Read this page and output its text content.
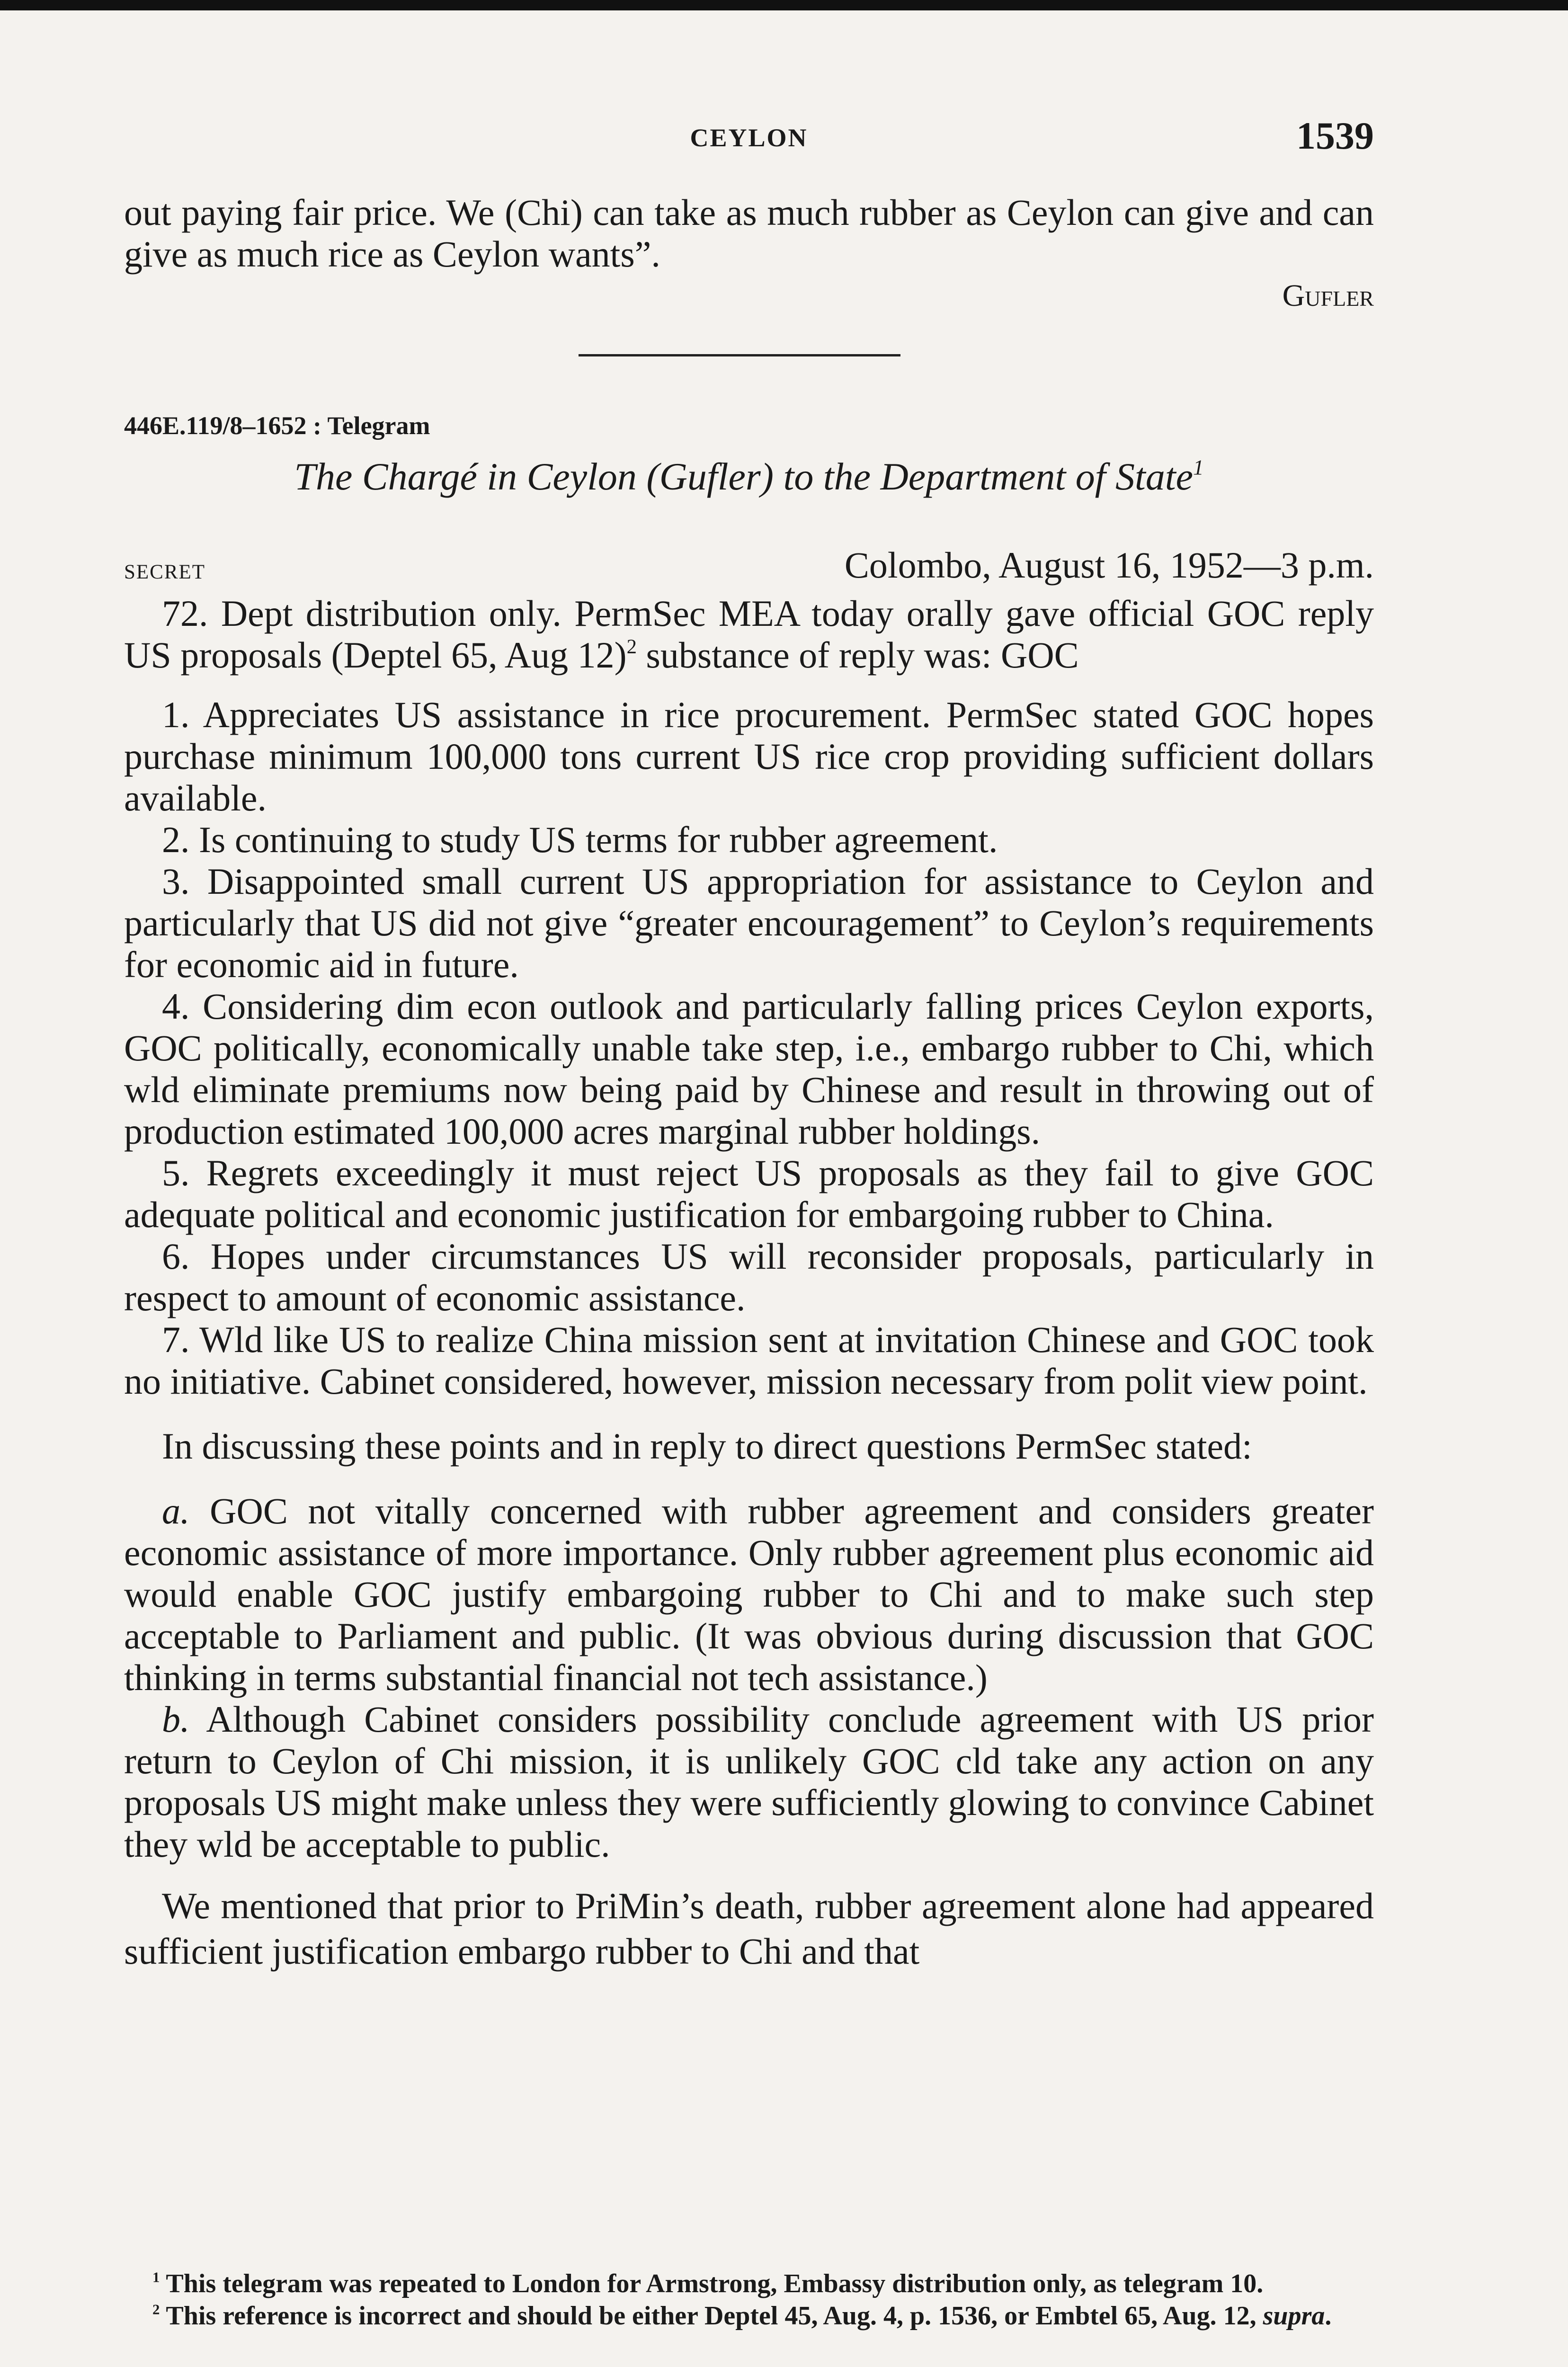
CEYLON	1539

out paying fair price. We (Chi) can take as much rubber as Ceylon can give and can give as much rice as Ceylon wants”.

Gufler
446E.119/8–1652 : Telegram
The Chargé in Ceylon (Gufler) to the Department of State$^1$
secret	Colombo, August 16, 1952—3 p.m.

72. Dept distribution only. PermSec MEA today orally gave official GOC reply US proposals (Deptel 65, Aug 12)$^2$ substance of reply was: GOC

1. Appreciates US assistance in rice procurement. PermSec stated GOC hopes purchase minimum 100,000 tons current US rice crop providing sufficient dollars available.

2. Is continuing to study US terms for rubber agreement.

3. Disappointed small current US appropriation for assistance to Ceylon and particularly that US did not give “greater encouragement” to Ceylon’s requirements for economic aid in future.

4. Considering dim econ outlook and particularly falling prices Ceylon exports, GOC politically, economically unable take step, i.e., embargo rubber to Chi, which wld eliminate premiums now being paid by Chinese and result in throwing out of production estimated 100,000 acres marginal rubber holdings.

5. Regrets exceedingly it must reject US proposals as they fail to give GOC adequate political and economic justification for embargoing rubber to China.

6. Hopes under circumstances US will reconsider proposals, particularly in respect to amount of economic assistance.

7. Wld like US to realize China mission sent at invitation Chinese and GOC took no initiative. Cabinet considered, however, mission necessary from polit view point.

In discussing these points and in reply to direct questions PermSec stated:

a. GOC not vitally concerned with rubber agreement and considers greater economic assistance of more importance. Only rubber agreement plus economic aid would enable GOC justify embargoing rubber to Chi and to make such step acceptable to Parliament and public. (It was obvious during discussion that GOC thinking in terms substantial financial not tech assistance.)

b. Although Cabinet considers possibility conclude agreement with US prior return to Ceylon of Chi mission, it is unlikely GOC cld take any action on any proposals US might make unless they were sufficiently glowing to convince Cabinet they wld be acceptable to public.

We mentioned that prior to PriMin’s death, rubber agreement alone had appeared sufficient justification embargo rubber to Chi and that

$^1$ This telegram was repeated to London for Armstrong, Embassy distribution only, as telegram 10.

$^2$ This reference is incorrect and should be either Deptel 45, Aug. 4, p. 1536, or Embtel 65, Aug. 12, supra.
